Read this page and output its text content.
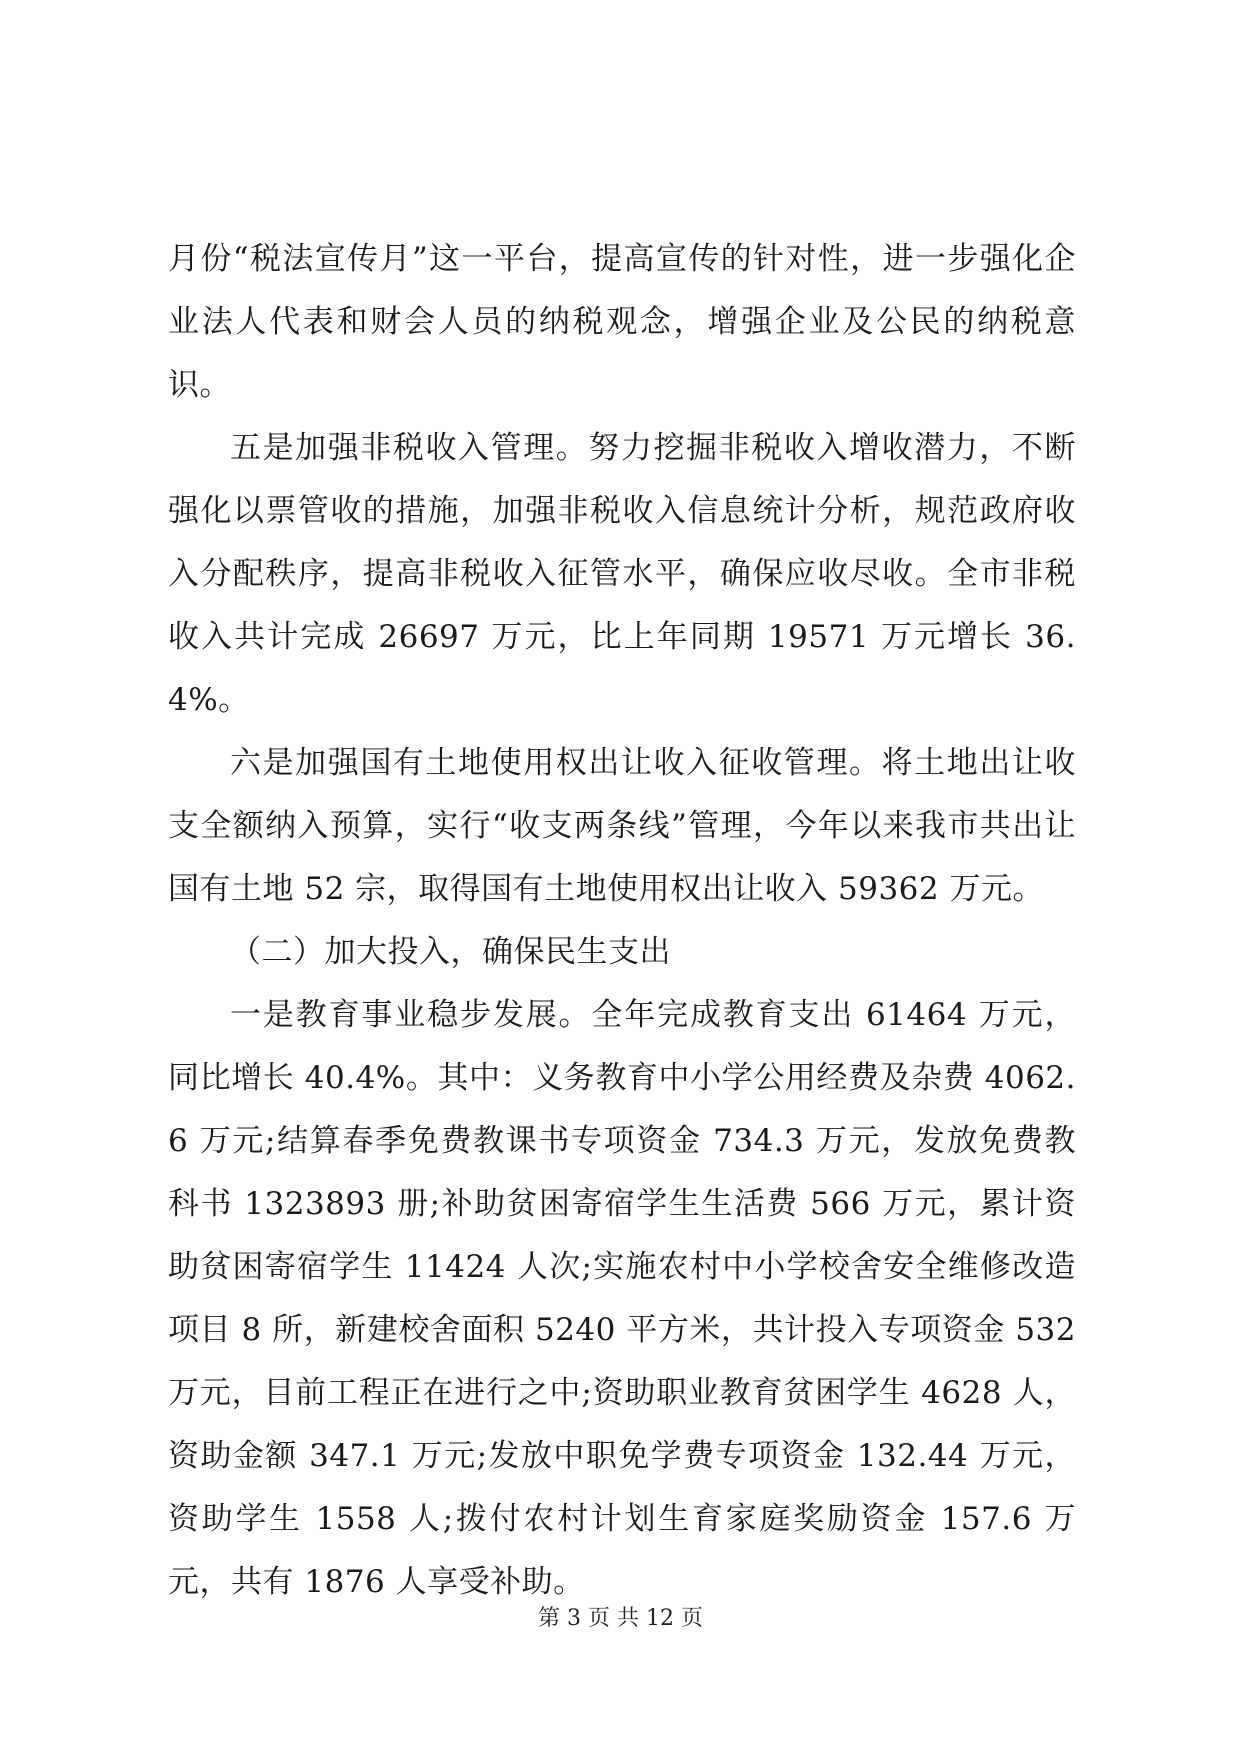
月份“税法宣传月”这一平台，提高宣传的针对性，进一步强化企业法人代表和财会人员的纳税观念，增强企业及公民的纳税意识。

五是加强非税收入管理。努力挖掘非税收入增收潜力，不断强化以票管收的措施，加强非税收入信息统计分析，规范政府收入分配秩序，提高非税收入征管水平，确保应收尽收。全市非税收入共计完成 26697 万元，比上年同期 19571 万元增长 36.4%。

六是加强国有土地使用权出让收入征收管理。将土地出让收支全额纳入预算，实行“收支两条线”管理，今年以来我市共出让国有土地 52 宗，取得国有土地使用权出让收入 59362 万元。

（二）加大投入，确保民生支出

一是教育事业稳步发展。全年完成教育支出 61464 万元，同比增长 40.4%。其中：义务教育中小学公用经费及杂费 4062.6 万元;结算春季免费教课书专项资金 734.3 万元，发放免费教科书 1323893 册;补助贫困寄宿学生生活费 566 万元，累计资助贫困寄宿学生 11424 人次;实施农村中小学校舍安全维修改造项目 8 所，新建校舍面积 5240 平方米，共计投入专项资金 532 万元，目前工程正在进行之中;资助职业教育贫困学生 4628 人，资助金额 347.1 万元;发放中职免学费专项资金 132.44 万元，资助学生 1558 人;拨付农村计划生育家庭奖励资金 157.6 万元，共有 1876 人享受补助。

第 3 页 共 12 页
